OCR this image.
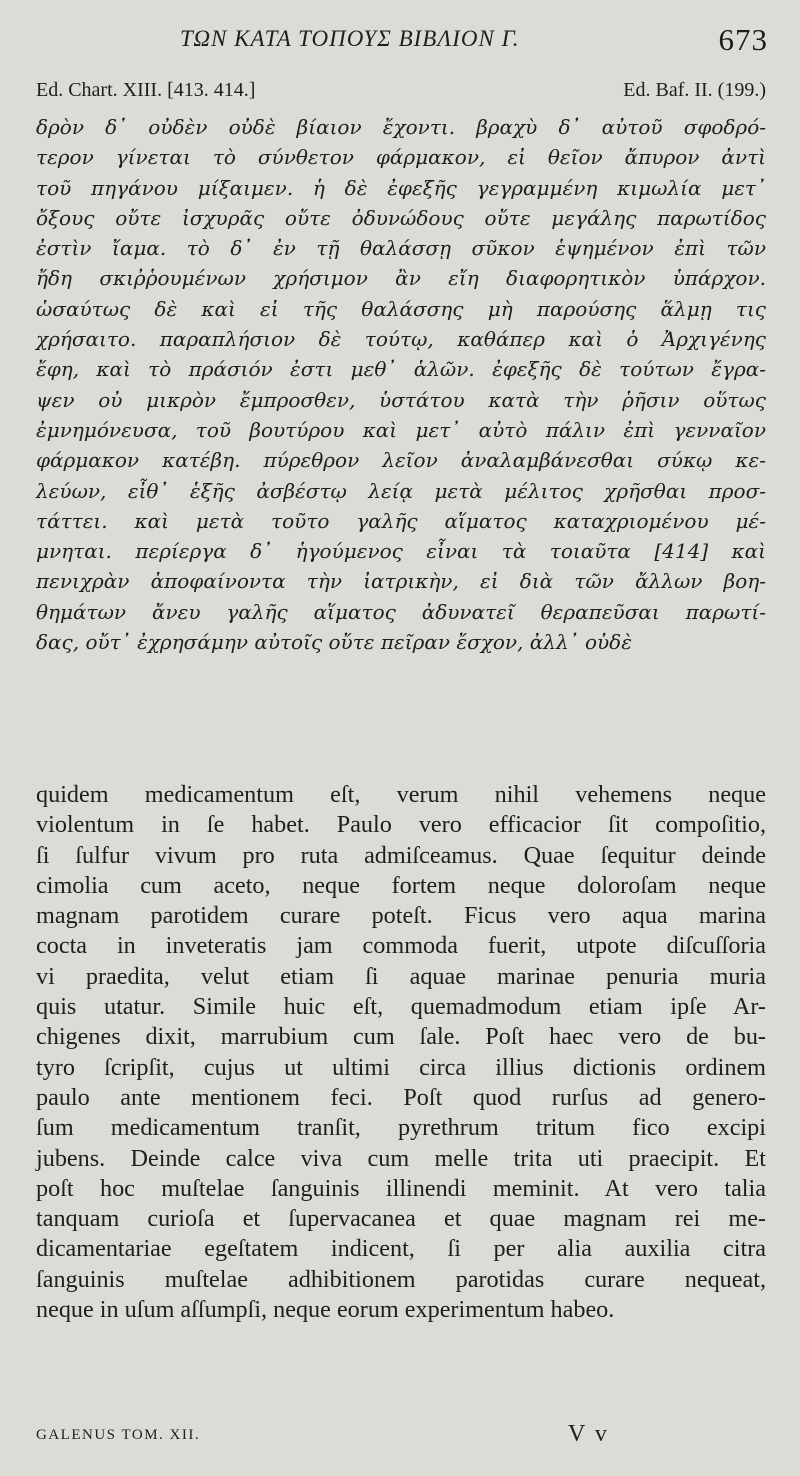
ΤΩΝ ΚΑΤΑ ΤΟΠΟΥΣ ΒΙΒΛΙΟΝ Γ.	673
Ed. Chart. XIII. [413. 414.]	Ed. Baf. II. (199.)
δρὸν δ᾽ οὐδὲν οὐδὲ βίαιον ἔχοντι. βραχὺ δ᾽ αὐτοῦ σφοδρό-
τερον γίνεται τὸ σύνθετον φάρμακον, εἰ θεῖον ἄπυρον ἀντὶ
τοῦ πηγάνου μίξαιμεν. ἡ δὲ ἐφεξῆς γεγραμμένη κιμωλία μετ᾽
ὄξους οὔτε ἰσχυρᾶς οὔτε ὀδυνώδους οὔτε μεγάλης παρωτίδος
ἐστὶν ἴαμα. τὸ δ᾽ ἐν τῇ θαλάσσῃ σῦκον ἑψημένον ἐπὶ τῶν
ἤδη σκιῤῥουμένων χρήσιμον ἂν εἴη διαφορητικὸν ὑπάρχον.
ὡσαύτως δὲ καὶ εἰ τῆς θαλάσσης μὴ παρούσης ἅλμῃ τις
χρήσαιτο. παραπλήσιον δὲ τούτῳ, καθάπερ καὶ ὁ Ἀρχιγένης
ἔφη, καὶ τὸ πράσιόν ἐστι μεθ᾽ ἁλῶν. ἐφεξῆς δὲ τούτων ἔγρα-
ψεν οὐ μικρὸν ἔμπροσθεν, ὑστάτου κατὰ τὴν ῥῆσιν οὕτως
ἐμνημόνευσα, τοῦ βουτύρου καὶ μετ᾽ αὐτὸ πάλιν ἐπὶ γενναῖον
φάρμακον κατέβη. πύρεθρον λεῖον ἀναλαμβάνεσθαι σύκῳ κε-
λεύων, εἶθ᾽ ἑξῆς ἀσβέστῳ λείᾳ μετὰ μέλιτος χρῆσθαι προσ-
τάττει. καὶ μετὰ τοῦτο γαλῆς αἵματος καταχριομένου μέ-
μνηται. περίεργα δ᾽ ἡγούμενος εἶναι τὰ τοιαῦτα [414] καὶ
πενιχρὰν ἀποφαίνοντα τὴν ἰατρικὴν, εἰ διὰ τῶν ἄλλων βοη-
θημάτων ἄνευ γαλῆς αἵματος ἀδυνατεῖ θεραπεῦσαι παρωτί-
δας, οὔτ᾽ ἐχρησάμην αὐτοῖς οὔτε πεῖραν ἔσχον, ἀλλ᾽ οὐδὲ
quidem medicamentum eſt, verum nihil vehemens neque
violentum in ſe habet. Paulo vero efficacior ſit compoſitio,
ſi ſulfur vivum pro ruta admiſceamus. Quae ſequitur deinde
cimolia cum aceto, neque fortem neque doloroſam neque
magnam parotidem curare poteſt. Ficus vero aqua marina
cocta in inveteratis jam commoda fuerit, utpote diſcuſſoria
vi praedita, velut etiam ſi aquae marinae penuria muria
quis utatur. Simile huic eſt, quemadmodum etiam ipſe Ar-
chigenes dixit, marrubium cum ſale. Poſt haec vero de bu-
tyro ſcripſit, cujus ut ultimi circa illius dictionis ordinem
paulo ante mentionem feci. Poſt quod rurſus ad genero-
ſum medicamentum tranſit, pyrethrum tritum fico excipi
jubens. Deinde calce viva cum melle trita uti praecipit. Et
poſt hoc muſtelae ſanguinis illinendi meminit. At vero talia
tanquam curioſa et ſupervacanea et quae magnam rei me-
dicamentariae egeſtatem indicent, ſi per alia auxilia citra
ſanguinis muſtelae adhibitionem parotidas curare nequeat,
neque in uſum aſſumpſi, neque eorum experimentum habeo.
GALENUS TOM. XII.	V v
